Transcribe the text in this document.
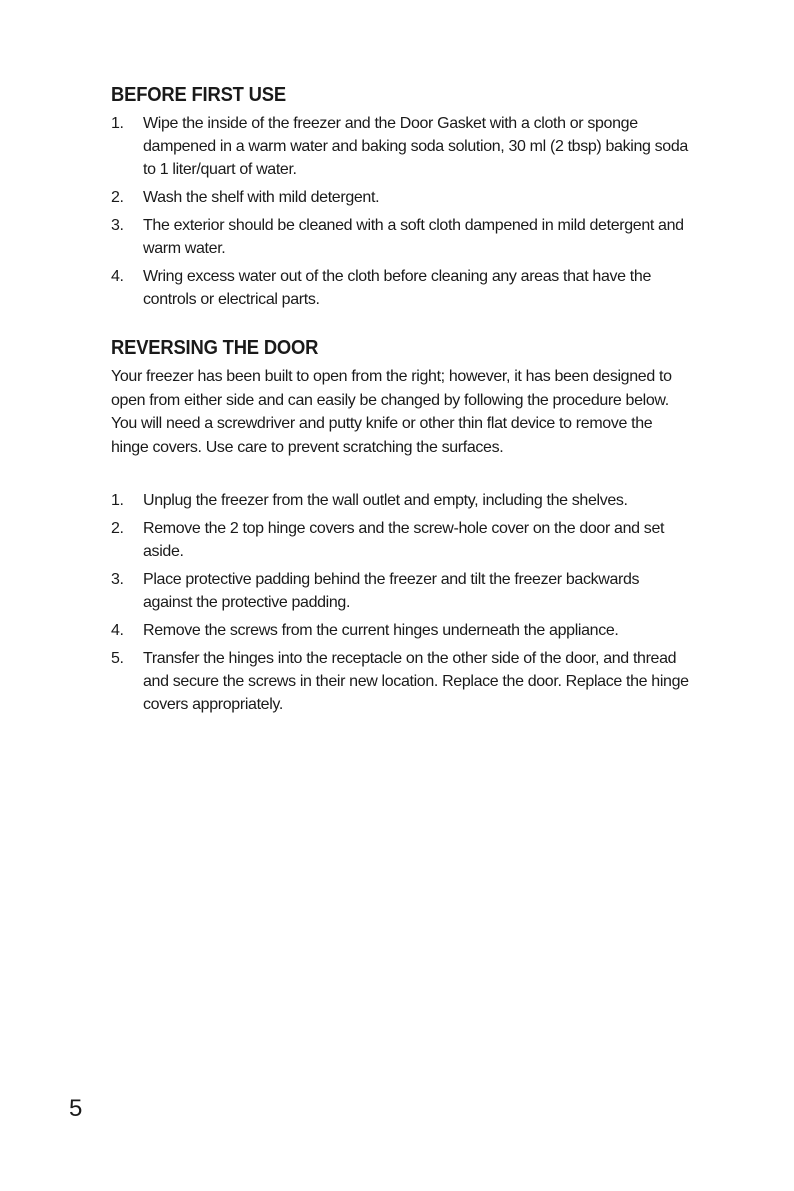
BEFORE FIRST USE
1.	Wipe the inside of the freezer and the Door Gasket with a cloth or sponge dampened in a warm water and baking soda solution, 30 ml (2 tbsp) baking soda to 1 liter/quart of water.
2.	Wash the shelf with mild detergent.
3.	The exterior should be cleaned with a soft cloth dampened in mild detergent and warm water.
4.	Wring excess water out of the cloth before cleaning any areas that have the controls or electrical parts.
REVERSING THE DOOR

Your freezer has been built to open from the right; however, it has been designed to open from either side and can easily be changed by following the procedure below. You will need a screwdriver and putty knife or other thin flat device to remove the hinge covers. Use care to prevent scratching the surfaces.

1.	Unplug the freezer from the wall outlet and empty, including the shelves.
2.	Remove the 2 top hinge covers and the screw-hole cover on the door and set aside.
3.	Place protective padding behind the freezer and tilt the freezer backwards against the protective padding.
4.	Remove the screws from the current hinges underneath the appliance.
5.	Transfer the hinges into the receptacle on the other side of the door, and thread and secure the screws in their new location. Replace the door. Replace the hinge covers appropriately.
5
